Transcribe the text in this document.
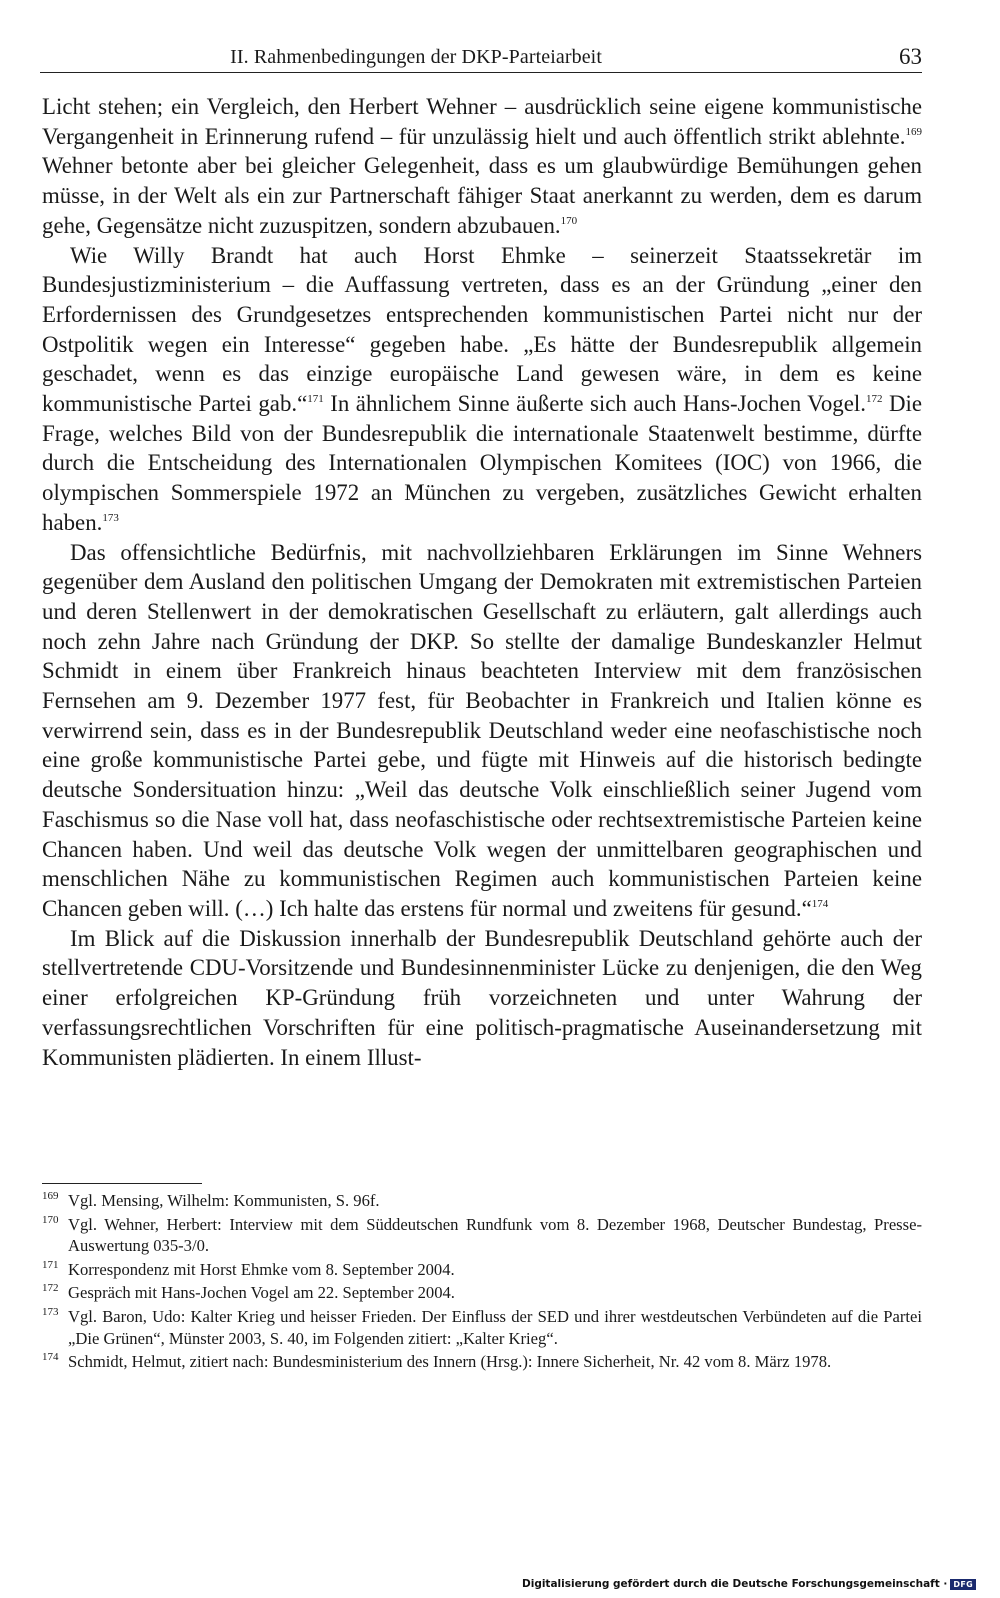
II. Rahmenbedingungen der DKP-Parteiarbeit	63

Licht stehen; ein Vergleich, den Herbert Wehner – ausdrücklich seine eigene kommunistische Vergangenheit in Erinnerung rufend – für unzulässig hielt und auch öffentlich strikt ablehnte.$^{169}$ Wehner betonte aber bei gleicher Gelegenheit, dass es um glaubwürdige Bemühungen gehen müsse, in der Welt als ein zur Partnerschaft fähiger Staat anerkannt zu werden, dem es darum gehe, Gegensätze nicht zuzuspitzen, sondern abzubauen.$^{170}$

Wie Willy Brandt hat auch Horst Ehmke – seinerzeit Staatssekretär im Bundesjustizministerium – die Auffassung vertreten, dass es an der Gründung „einer den Erfordernissen des Grundgesetzes entsprechenden kommunistischen Partei nicht nur der Ostpolitik wegen ein Interesse“ gegeben habe. „Es hätte der Bundesrepublik allgemein geschadet, wenn es das einzige europäische Land gewesen wäre, in dem es keine kommunistische Partei gab.“$^{171}$ In ähnlichem Sinne äußerte sich auch Hans-Jochen Vogel.$^{172}$ Die Frage, welches Bild von der Bundesrepublik die internationale Staatenwelt bestimme, dürfte durch die Entscheidung des Internationalen Olympischen Komitees (IOC) von 1966, die olympischen Sommerspiele 1972 an München zu vergeben, zusätzliches Gewicht erhalten haben.$^{173}$

Das offensichtliche Bedürfnis, mit nachvollziehbaren Erklärungen im Sinne Wehners gegenüber dem Ausland den politischen Umgang der Demokraten mit extremistischen Parteien und deren Stellenwert in der demokratischen Gesellschaft zu erläutern, galt allerdings auch noch zehn Jahre nach Gründung der DKP. So stellte der damalige Bundeskanzler Helmut Schmidt in einem über Frankreich hinaus beachteten Interview mit dem französischen Fernsehen am 9. Dezember 1977 fest, für Beobachter in Frankreich und Italien könne es verwirrend sein, dass es in der Bundesrepublik Deutschland weder eine neofaschistische noch eine große kommunistische Partei gebe, und fügte mit Hinweis auf die historisch bedingte deutsche Sondersituation hinzu: „Weil das deutsche Volk einschließlich seiner Jugend vom Faschismus so die Nase voll hat, dass neofaschistische oder rechtsextremistische Parteien keine Chancen haben. Und weil das deutsche Volk wegen der unmittelbaren geographischen und menschlichen Nähe zu kommunistischen Regimen auch kommunistischen Parteien keine Chancen geben will. (…) Ich halte das erstens für normal und zweitens für gesund.“$^{174}$

Im Blick auf die Diskussion innerhalb der Bundesrepublik Deutschland gehörte auch der stellvertretende CDU-Vorsitzende und Bundesinnenminister Lücke zu denjenigen, die den Weg einer erfolgreichen KP-Gründung früh vorzeichneten und unter Wahrung der verfassungsrechtlichen Vorschriften für eine politisch-pragmatische Auseinandersetzung mit Kommunisten plädierten. In einem Illust-

169 Vgl. Mensing, Wilhelm: Kommunisten, S. 96f.
170 Vgl. Wehner, Herbert: Interview mit dem Süddeutschen Rundfunk vom 8. Dezember 1968, Deutscher Bundestag, Presse-Auswertung 035-3/0.
171 Korrespondenz mit Horst Ehmke vom 8. September 2004.
172 Gespräch mit Hans-Jochen Vogel am 22. September 2004.
173 Vgl. Baron, Udo: Kalter Krieg und heisser Frieden. Der Einfluss der SED und ihrer westdeutschen Verbündeten auf die Partei „Die Grünen“, Münster 2003, S. 40, im Folgenden zitiert: „Kalter Krieg“.
174 Schmidt, Helmut, zitiert nach: Bundesministerium des Innern (Hrsg.): Innere Sicherheit, Nr. 42 vom 8. März 1978.
Digitalisierung gefördert durch die Deutsche Forschungsgemeinschaft · DFG
